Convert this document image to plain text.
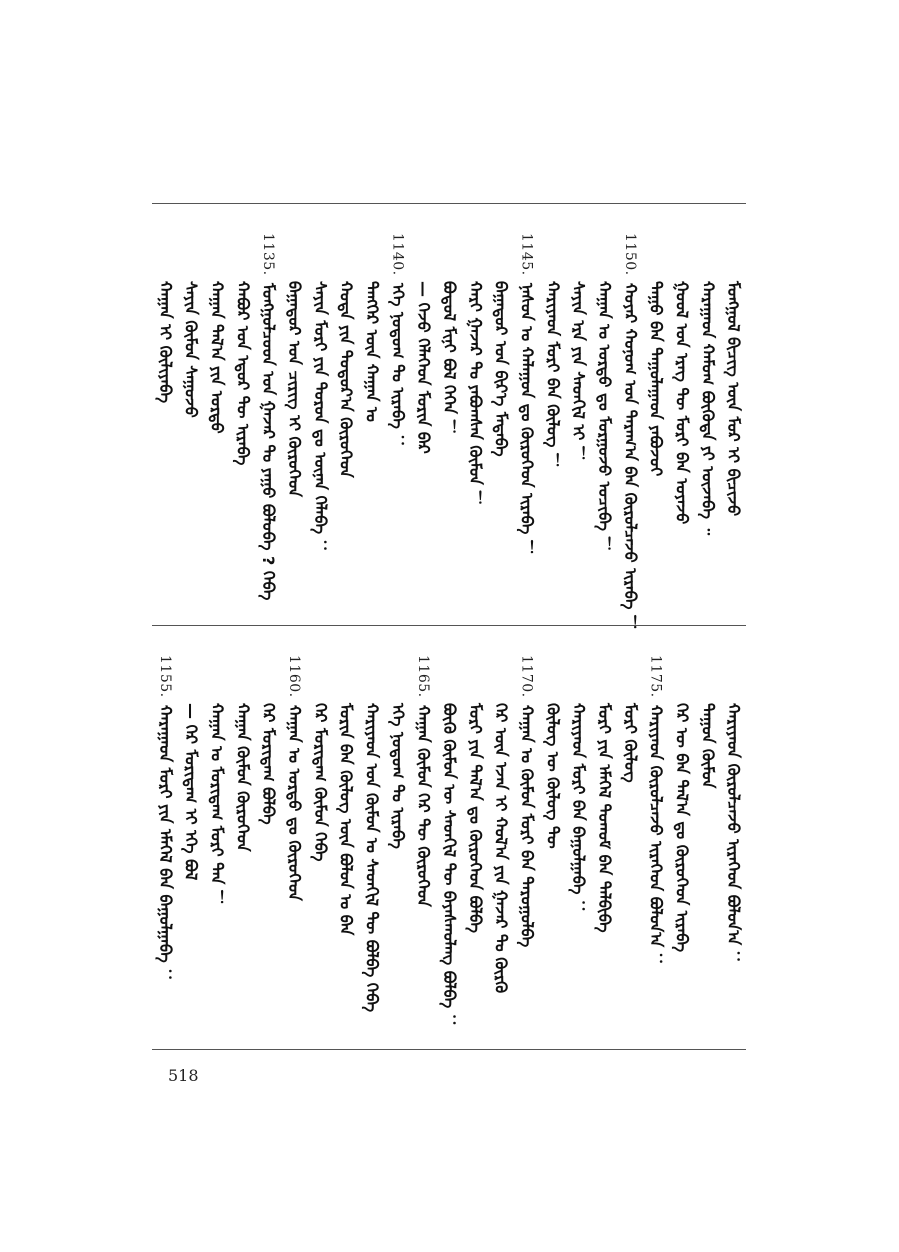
ᠮᠣᠩᠭᠣᠯ ᠪᠢᠴᠢᠭ ᠦᠨ ᠮᠣᠷ ᠢ ᠪᠢᠴᠢᠵᠦ
ᠬᠠᠷᠠᠭᠠᠳ ᠬᠠᠮᠤᠭ ᠪᠦᠭᠦᠳᠡ ᠶᠢ ᠦᠵᠡᠪᠡ ᠃
ᠭᠣᠣᠯ ᠤᠨ ᠡᠷᠡᠭ ᠲᠦ ᠮᠣᠷᠢ ᠪᠡᠨ ᠤᠶᠠᠵᠤ
ᠳᠠᠭᠤ ᠪᠠᠨ ᠳᠠᠭᠤᠯᠠᠭᠠᠳ ᠶᠠᠪᠤᠵᠤᠢ
1150.
ᠬᠣᠶᠠᠷ ᠬᠣᠨᠣᠭ ᠤᠨ ᠳᠠᠷᠠᠭ᠎ᠠ ᠪᠡᠨ ᠬᠦᠷᠦᠯᠴᠡᠵᠦ ᠢᠷᠡᠪᠡ ！
ᠬᠠᠭᠠᠨ ᠤ ᠣᠷᠳᠣ ᠳᠤ ᠮᠣᠷᠭᠣᠵᠤ ᠣᠴᠢᠪᠠ ！
ᠰᠠᠶᠢᠨ ᠡᠷᠡ ᠶᠢᠨ ᠰᠡᠳᠬᠢᠯ ᠢ ！
ᠬᠠᠷᠢᠶᠠᠳ ᠮᠣᠷᠢ ᠪᠡᠨ ᠬᠦᠯᠦᠭ ！
1145.
ᠨᠠᠰᠤᠨ ᠤ ᠬᠠᠯᠠᠭᠤᠨ ᠳᠤ ᠬᠦᠷᠦᠭᠡᠳ ᠢᠷᠡᠪᠡ ！
ᠪᠠᠭᠠᠳᠤᠷ ᠤᠨ ᠪᠢᠷ᠎ᠡ ᠮᠡᠳᠡᠪᠡ
ᠬᠠᠷᠢ ᠭᠠᠵᠠᠷ ᠲᠤ ᠶᠠᠪᠤᠭᠰᠠᠨ ᠬᠦᠮᠦᠨ ！
ᠪᠣᠳᠣᠯ ᠮᠢᠨᠢ ᠪᠣᠯ ᠭᠡᠭᠡᠨ ！
— ᠭᠡᠵᠦ ᠬᠡᠯᠡᠭᠡᠳ ᠮᠣᠷᠢᠨ ᠪᠠᠷ
1140.
ᠡᠬᠡ ᠨᠤᠲᠤᠭ ᠲᠤ ᠢᠷᠡᠪᠡ ：
ᠲᠡᠩᠭᠡᠷ ᠦᠨ ᠬᠠᠭᠠᠨ ᠤ
ᠬᠣᠲᠠ ᠶᠢᠨ ᠳᠣᠲᠣᠷ᠎ᠠ ᠬᠦᠷᠦᠭᠡᠳ
ᠰᠠᠶᠢᠨ ᠮᠣᠷᠢ ᠶᠢᠨ ᠲᠤᠷᠤᠨ ᠳᠤ ᠦᠨᠡᠨ ᠬᠡᠯᠡᠪᠡ ：
ᠪᠠᠭᠠᠳᠤᠷ ᠤᠨ ᠴᠢᠷᠢᠭ ᠢ ᠬᠦᠷᠦᠭᠡᠳ
1135.
ᠮᠣᠩᠭᠣᠯᠴᠤᠳ ᠤᠨ ᠭᠠᠵᠠᠷ ᠲᠤ ᠶᠠᠭᠤ ᠪᠣᠯᠤᠪᠠ ? ᠭᠡᠪᠡ
ᠬᠠᠪᠤᠷ ᠤᠨ ᠡᠳᠦᠷ ᠲᠦ ᠢᠷᠡᠪᠡ
ᠬᠠᠭᠠᠨ ᠲᠠᠯ᠎ᠠ ᠶᠢᠨ ᠣᠷᠳᠣ
ᠰᠠᠶᠢᠨ ᠬᠦᠮᠦᠨ ᠰᠠᠭᠤᠵᠤ
ᠬᠠᠭᠠᠨ ᠢ ᠬᠦᠯᠢᠶᠡᠪᠡ
ᠬᠠᠷᠢᠶᠠᠳ ᠬᠦᠷᠦᠯᠴᠡᠵᠦ ᠢᠷᠡᠭᠡᠳ ᠪᠣᠯᠤᠨ᠎ᠠ ：
ᠳᠠᠭᠤᠨ ᠬᠦᠮᠦᠨ
ᠭᠡᠷ ᠦ ᠪᠡᠨ ᠲᠠᠯ᠎ᠠ ᠳᠤ ᠬᠦᠷᠦᠭᠡᠳ ᠢᠷᠡᠪᠡ
1175.
ᠬᠠᠷᠢᠶᠠᠳ ᠬᠦᠷᠦᠯᠴᠡᠵᠦ ᠢᠷᠡᠭᠡᠳ ᠪᠣᠯᠤᠨ᠎ᠠ ：
ᠮᠣᠷᠢ ᠬᠦᠯᠦᠭ
ᠮᠣᠷᠢ ᠶᠢᠨ ᠡᠮᠡᠭᠡᠯ ᠲᠣᠬᠣᠮ ᠪᠡᠨ ᠲᠠᠯᠪᠢᠪᠠ
ᠬᠠᠷᠢᠶᠠᠳ ᠮᠣᠷᠢ ᠪᠡᠨ ᠪᠠᠭᠤᠯᠭᠠᠪᠠ ：
ᠬᠦᠯᠦᠭ ᠦ ᠬᠦᠯᠦᠭ ᠲᠦ
1170.
ᠬᠠᠭᠠᠨ ᠤ ᠬᠦᠮᠦᠨ ᠮᠣᠷᠢ ᠪᠡᠨ ᠲᠠᠷᠤᠭᠤᠯᠪᠠ
ᠭᠡᠷ ᠦᠨ ᠡᠵᠡᠨ ᠢ ᠬᠣᠯ᠎ᠠ ᠶᠢᠨ ᠭᠠᠵᠠᠷ ᠲᠤ ᠬᠦᠷᠬᠦ
ᠮᠣᠷᠢ ᠶᠢᠨ ᠲᠠᠯ᠎ᠠ ᠳᠤ ᠬᠦᠷᠦᠭᠡᠳ ᠪᠣᠯᠪᠠ
ᠪᠦᠬᠦ ᠬᠦᠮᠦᠨ ᠦ ᠰᠡᠳᠬᠢᠯ ᠲᠦ ᠪᠠᠶᠠᠰᠬᠤᠯᠠᠩ ᠪᠣᠯᠪᠠ ：
1165.
ᠬᠠᠭᠠᠨ ᠬᠦᠮᠦᠨ ᠭᠡᠷ ᠲᠦ ᠬᠦᠷᠦᠭᠡᠳ
ᠡᠬᠡ ᠨᠤᠲᠤᠭ ᠲᠤ ᠢᠷᠡᠪᠡ
ᠬᠠᠷᠢᠶᠠᠳ ᠤᠨ ᠬᠦᠮᠦᠨ ᠤ ᠰᠡᠳᠬᠢᠯ ᠲᠦ ᠪᠣᠯᠪᠠ ᠭᠡᠪᠡ
ᠮᠣᠷᠢᠨ ᠪᠠᠨ ᠬᠦᠯᠦᠭ ᠦᠨ ᠪᠣᠯᠤᠨ ᠣ ᠪᠡᠨ
ᠭᠡᠷ ᠮᠣᠷᠢᠳᠠᠭ ᠬᠦᠮᠦᠨ ᠭᠡᠪᠡ
1160.
ᠬᠠᠭᠠᠨ ᠤ ᠣᠷᠳᠣ ᠳᠤ ᠬᠦᠷᠦᠭᠡᠳ
ᠭᠡᠷ ᠮᠣᠷᠢᠳᠠᠭ ᠪᠣᠯᠪᠠ
ᠬᠠᠭᠠᠨ ᠬᠦᠮᠦᠨ ᠬᠦᠷᠦᠭᠡᠳ
ᠬᠠᠭᠠᠨ ᠤ ᠮᠣᠷᠢᠳᠠᠭ ᠮᠣᠷᠢ ᠲᠠᠨ ！
— ᠭᠡᠷ ᠮᠣᠷᠢᠳᠠᠭ ᠢ ᠡᠬᠡ ᠪᠣᠯ
1155.
ᠬᠠᠷᠠᠭᠠᠳ ᠮᠣᠷᠢ ᠶᠢᠨ ᠡᠮᠡᠭᠡᠯ ᠪᠡᠨ ᠪᠠᠭᠤᠯᠭᠠᠪᠠ ：
518
